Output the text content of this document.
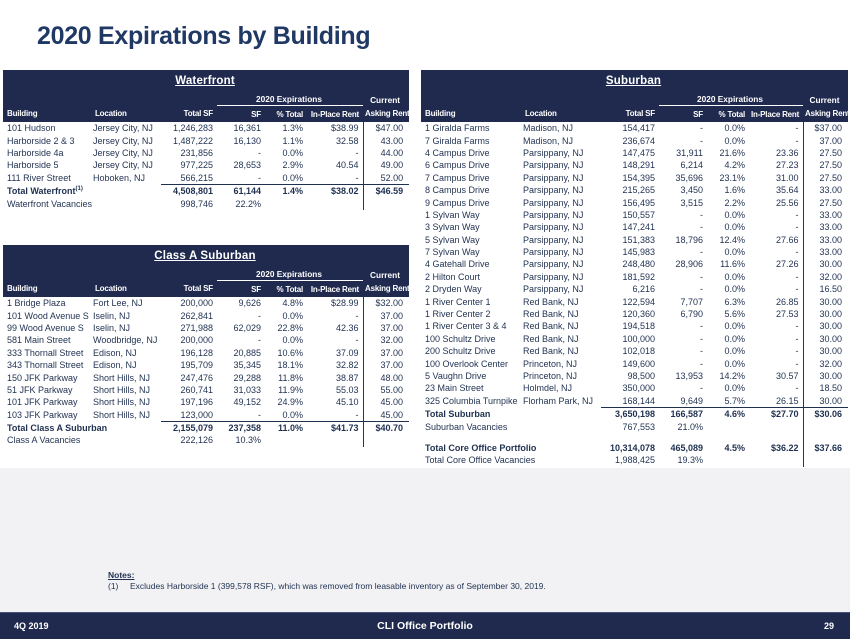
2020 Expirations by Building
Waterfront						
			2020 Expirations			Current
Building	Location	Total SF	SF	% Total	In-Place Rent	Asking Rent
101 Hudson	Jersey City, NJ	1,246,283	16,361	1.3%	$38.99	$47.00
Harborside 2 & 3	Jersey City, NJ	1,487,222	16,130	1.1%	32.58	43.00
Harborside 4a	Jersey City, NJ	231,856	-	0.0%	-	44.00
Harborside 5	Jersey City, NJ	977,225	28,653	2.9%	40.54	49.00
111 River Street	Hoboken, NJ	566,215	-	0.0%	-	52.00
Total Waterfront$^{(1)}$		4,508,801	61,144	1.4%	$38.02	$46.59
Waterfront Vacancies		998,746	22.2%			
Class A Suburban						
			2020 Expirations			Current
Building	Location	Total SF	SF	% Total	In-Place Rent	Asking Rent
1 Bridge Plaza	Fort Lee, NJ	200,000	9,626	4.8%	$28.99	$32.00
101 Wood Avenue S	Iselin, NJ	262,841	-	0.0%	-	37.00
99 Wood Avenue S	Iselin, NJ	271,988	62,029	22.8%	42.36	37.00
581 Main Street	Woodbridge, NJ	200,000	-	0.0%	-	32.00
333 Thornall Street	Edison, NJ	196,128	20,885	10.6%	37.09	37.00
343 Thornall Street	Edison, NJ	195,709	35,345	18.1%	32.82	37.00
150 JFK Parkway	Short Hills, NJ	247,476	29,288	11.8%	38.87	48.00
51 JFK Parkway	Short Hills, NJ	260,741	31,033	11.9%	55.03	55.00
101 JFK Parkway	Short Hills, NJ	197,196	49,152	24.9%	45.10	45.00
103 JFK Parkway	Short Hills, NJ	123,000	-	0.0%	-	45.00
Total Class A Suburban		2,155,079	237,358	11.0%	$41.73	$40.70
Class A Vacancies		222,126	10.3%			
Suburban						
			2020 Expirations			Current
Building	Location	Total SF	SF	% Total	In-Place Rent	Asking Rent
1 Giralda Farms	Madison, NJ	154,417	-	0.0%	-	$37.00
7 Giralda Farms	Madison, NJ	236,674	-	0.0%	-	37.00
4 Campus Drive	Parsippany, NJ	147,475	31,911	21.6%	23.36	27.50
6 Campus Drive	Parsippany, NJ	148,291	6,214	4.2%	27.23	27.50
7 Campus Drive	Parsippany, NJ	154,395	35,696	23.1%	31.00	27.50
8 Campus Drive	Parsippany, NJ	215,265	3,450	1.6%	35.64	33.00
9 Campus Drive	Parsippany, NJ	156,495	3,515	2.2%	25.56	27.50
1 Sylvan Way	Parsippany, NJ	150,557	-	0.0%	-	33.00
3 Sylvan Way	Parsippany, NJ	147,241	-	0.0%	-	33.00
5 Sylvan Way	Parsippany, NJ	151,383	18,796	12.4%	27.66	33.00
7 Sylvan Way	Parsippany, NJ	145,983	-	0.0%	-	33.00
4 Gatehall Drive	Parsippany, NJ	248,480	28,906	11.6%	27.26	30.00
2 Hilton Court	Parsippany, NJ	181,592	-	0.0%	-	32.00
2 Dryden Way	Parsippany, NJ	6,216	-	0.0%	-	16.50
1 River Center 1	Red Bank, NJ	122,594	7,707	6.3%	26.85	30.00
1 River Center 2	Red Bank, NJ	120,360	6,790	5.6%	27.53	30.00
1 River Center 3 & 4	Red Bank, NJ	194,518	-	0.0%	-	30.00
100 Schultz Drive	Red Bank, NJ	100,000	-	0.0%	-	30.00
200 Schultz Drive	Red Bank, NJ	102,018	-	0.0%	-	30.00
100 Overlook Center	Princeton, NJ	149,600	-	0.0%	-	32.00
5 Vaughn Drive	Princeton, NJ	98,500	13,953	14.2%	30.57	30.00
23 Main Street	Holmdel, NJ	350,000	-	0.0%	-	18.50
325 Columbia Turnpike	Florham Park, NJ	168,144	9,649	5.7%	26.15	30.00
Total Suburban		3,650,198	166,587	4.6%	$27.70	$30.06
Suburban Vacancies		767,553	21.0%			

Total Core Office Portfolio		10,314,078	465,089	4.5%	$36.22	$37.66
Total Core Office Vacancies		1,988,425	19.3%			
Notes:
(1) Excludes Harborside 1 (399,578 RSF), which was removed from leasable inventory as of September 30, 2019.
4Q 2019	CLI Office Portfolio	29
